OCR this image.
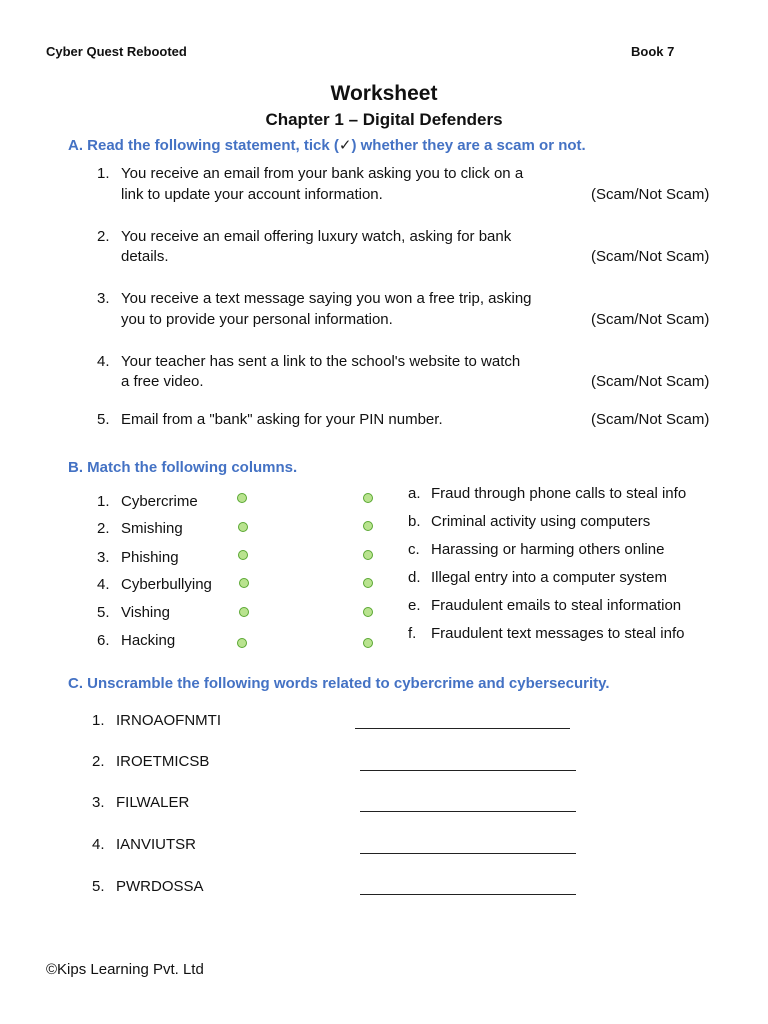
Cyber Quest Rebooted	Book 7
Worksheet
Chapter 1 – Digital Defenders
A. Read the following statement, tick (✓) whether they are a scam or not.
1. You receive an email from your bank asking you to click on a
link to update your account information.	(Scam/Not Scam)
2. You receive an email offering luxury watch, asking for bank
details.	(Scam/Not Scam)
3. You receive a text message saying you won a free trip, asking
you to provide your personal information.	(Scam/Not Scam)
4. Your teacher has sent a link to the school's website to watch
a free video.	(Scam/Not Scam)
5. Email from a "bank" asking for your PIN number.	(Scam/Not Scam)
B. Match the following columns.
1. Cybercrime
2. Smishing
3. Phishing
4. Cyberbullying
5. Vishing
6. Hacking
a. Fraud through phone calls to steal info
b. Criminal activity using computers
c. Harassing or harming others online
d. Illegal entry into a computer system
e. Fraudulent emails to steal information
f. Fraudulent text messages to steal info
C. Unscramble the following words related to cybercrime and cybersecurity.
1. IRNOAOFNMTI
2. IROETMICSB
3. FILWALER
4. IANVIUTSR
5. PWRDOSSA
©Kips Learning Pvt. Ltd
